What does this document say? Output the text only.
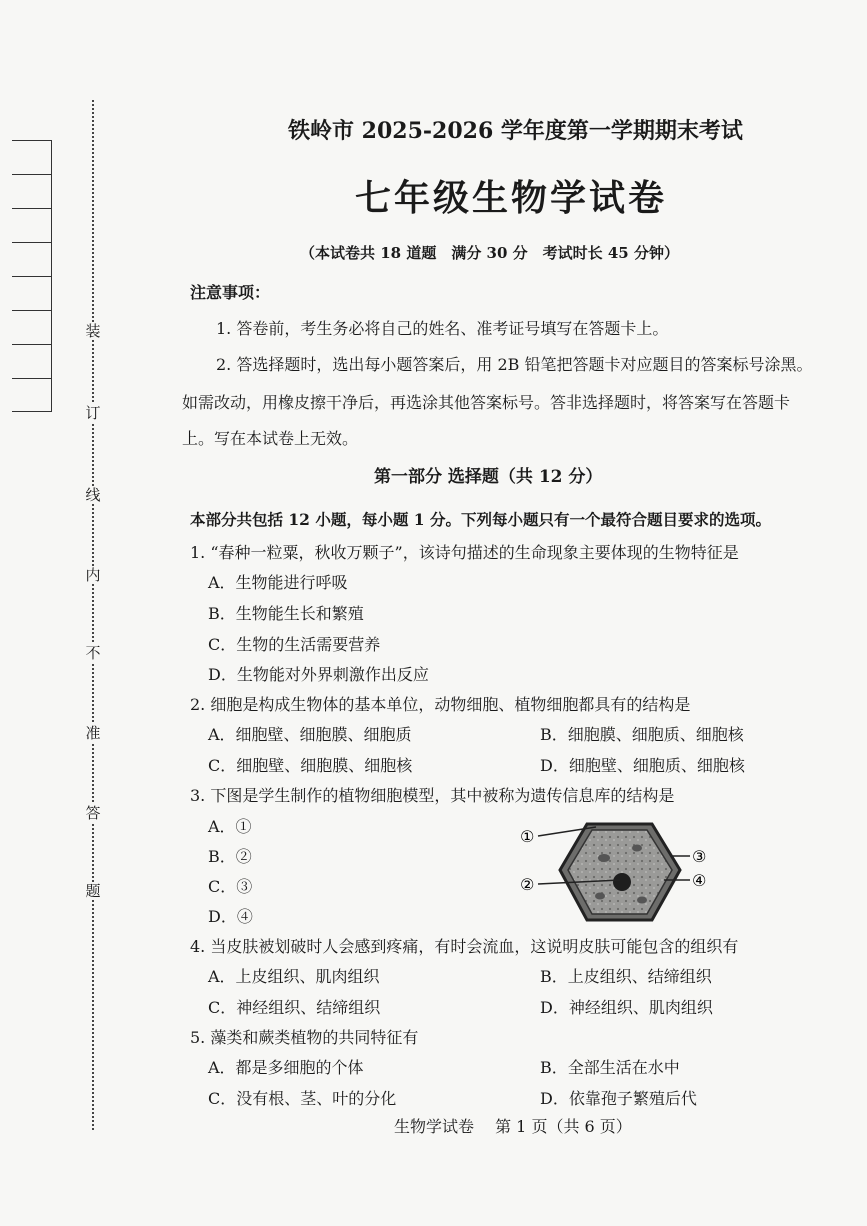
装
订
线
内
不
准
答
题
铁岭市 2025-2026 学年度第一学期期末考试
七年级生物学试卷
（本试卷共 18 道题　满分 30 分　考试时长 45 分钟）
注意事项：
1. 答卷前，考生务必将自己的姓名、准考证号填写在答题卡上。
2. 答选择题时，选出每小题答案后，用 2B 铅笔把答题卡对应题目的答案标号涂黑。
如需改动，用橡皮擦干净后，再选涂其他答案标号。答非选择题时，将答案写在答题卡
上。写在本试卷上无效。
第一部分 选择题（共 12 分）
本部分共包括 12 小题，每小题 1 分。下列每小题只有一个最符合题目要求的选项。
1. “春种一粒粟，秋收万颗子”，该诗句描述的生命现象主要体现的生物特征是
A．生物能进行呼吸
B．生物能生长和繁殖
C．生物的生活需要营养
D．生物能对外界刺激作出反应
2. 细胞是构成生物体的基本单位，动物细胞、植物细胞都具有的结构是
A．细胞壁、细胞膜、细胞质	B．细胞膜、细胞质、细胞核
C．细胞壁、细胞膜、细胞核	D．细胞壁、细胞质、细胞核
3. 下图是学生制作的植物细胞模型，其中被称为遗传信息库的结构是
A．①
B．②
C．③
D．④
①
②
③
④
4. 当皮肤被划破时人会感到疼痛，有时会流血，这说明皮肤可能包含的组织有
A．上皮组织、肌肉组织	B．上皮组织、结缔组织
C．神经组织、结缔组织	D．神经组织、肌肉组织
5. 藻类和蕨类植物的共同特征有
A．都是多细胞的个体	B．全部生活在水中
C．没有根、茎、叶的分化	D．依靠孢子繁殖后代
生物学试卷　 第 1 页（共 6 页）
